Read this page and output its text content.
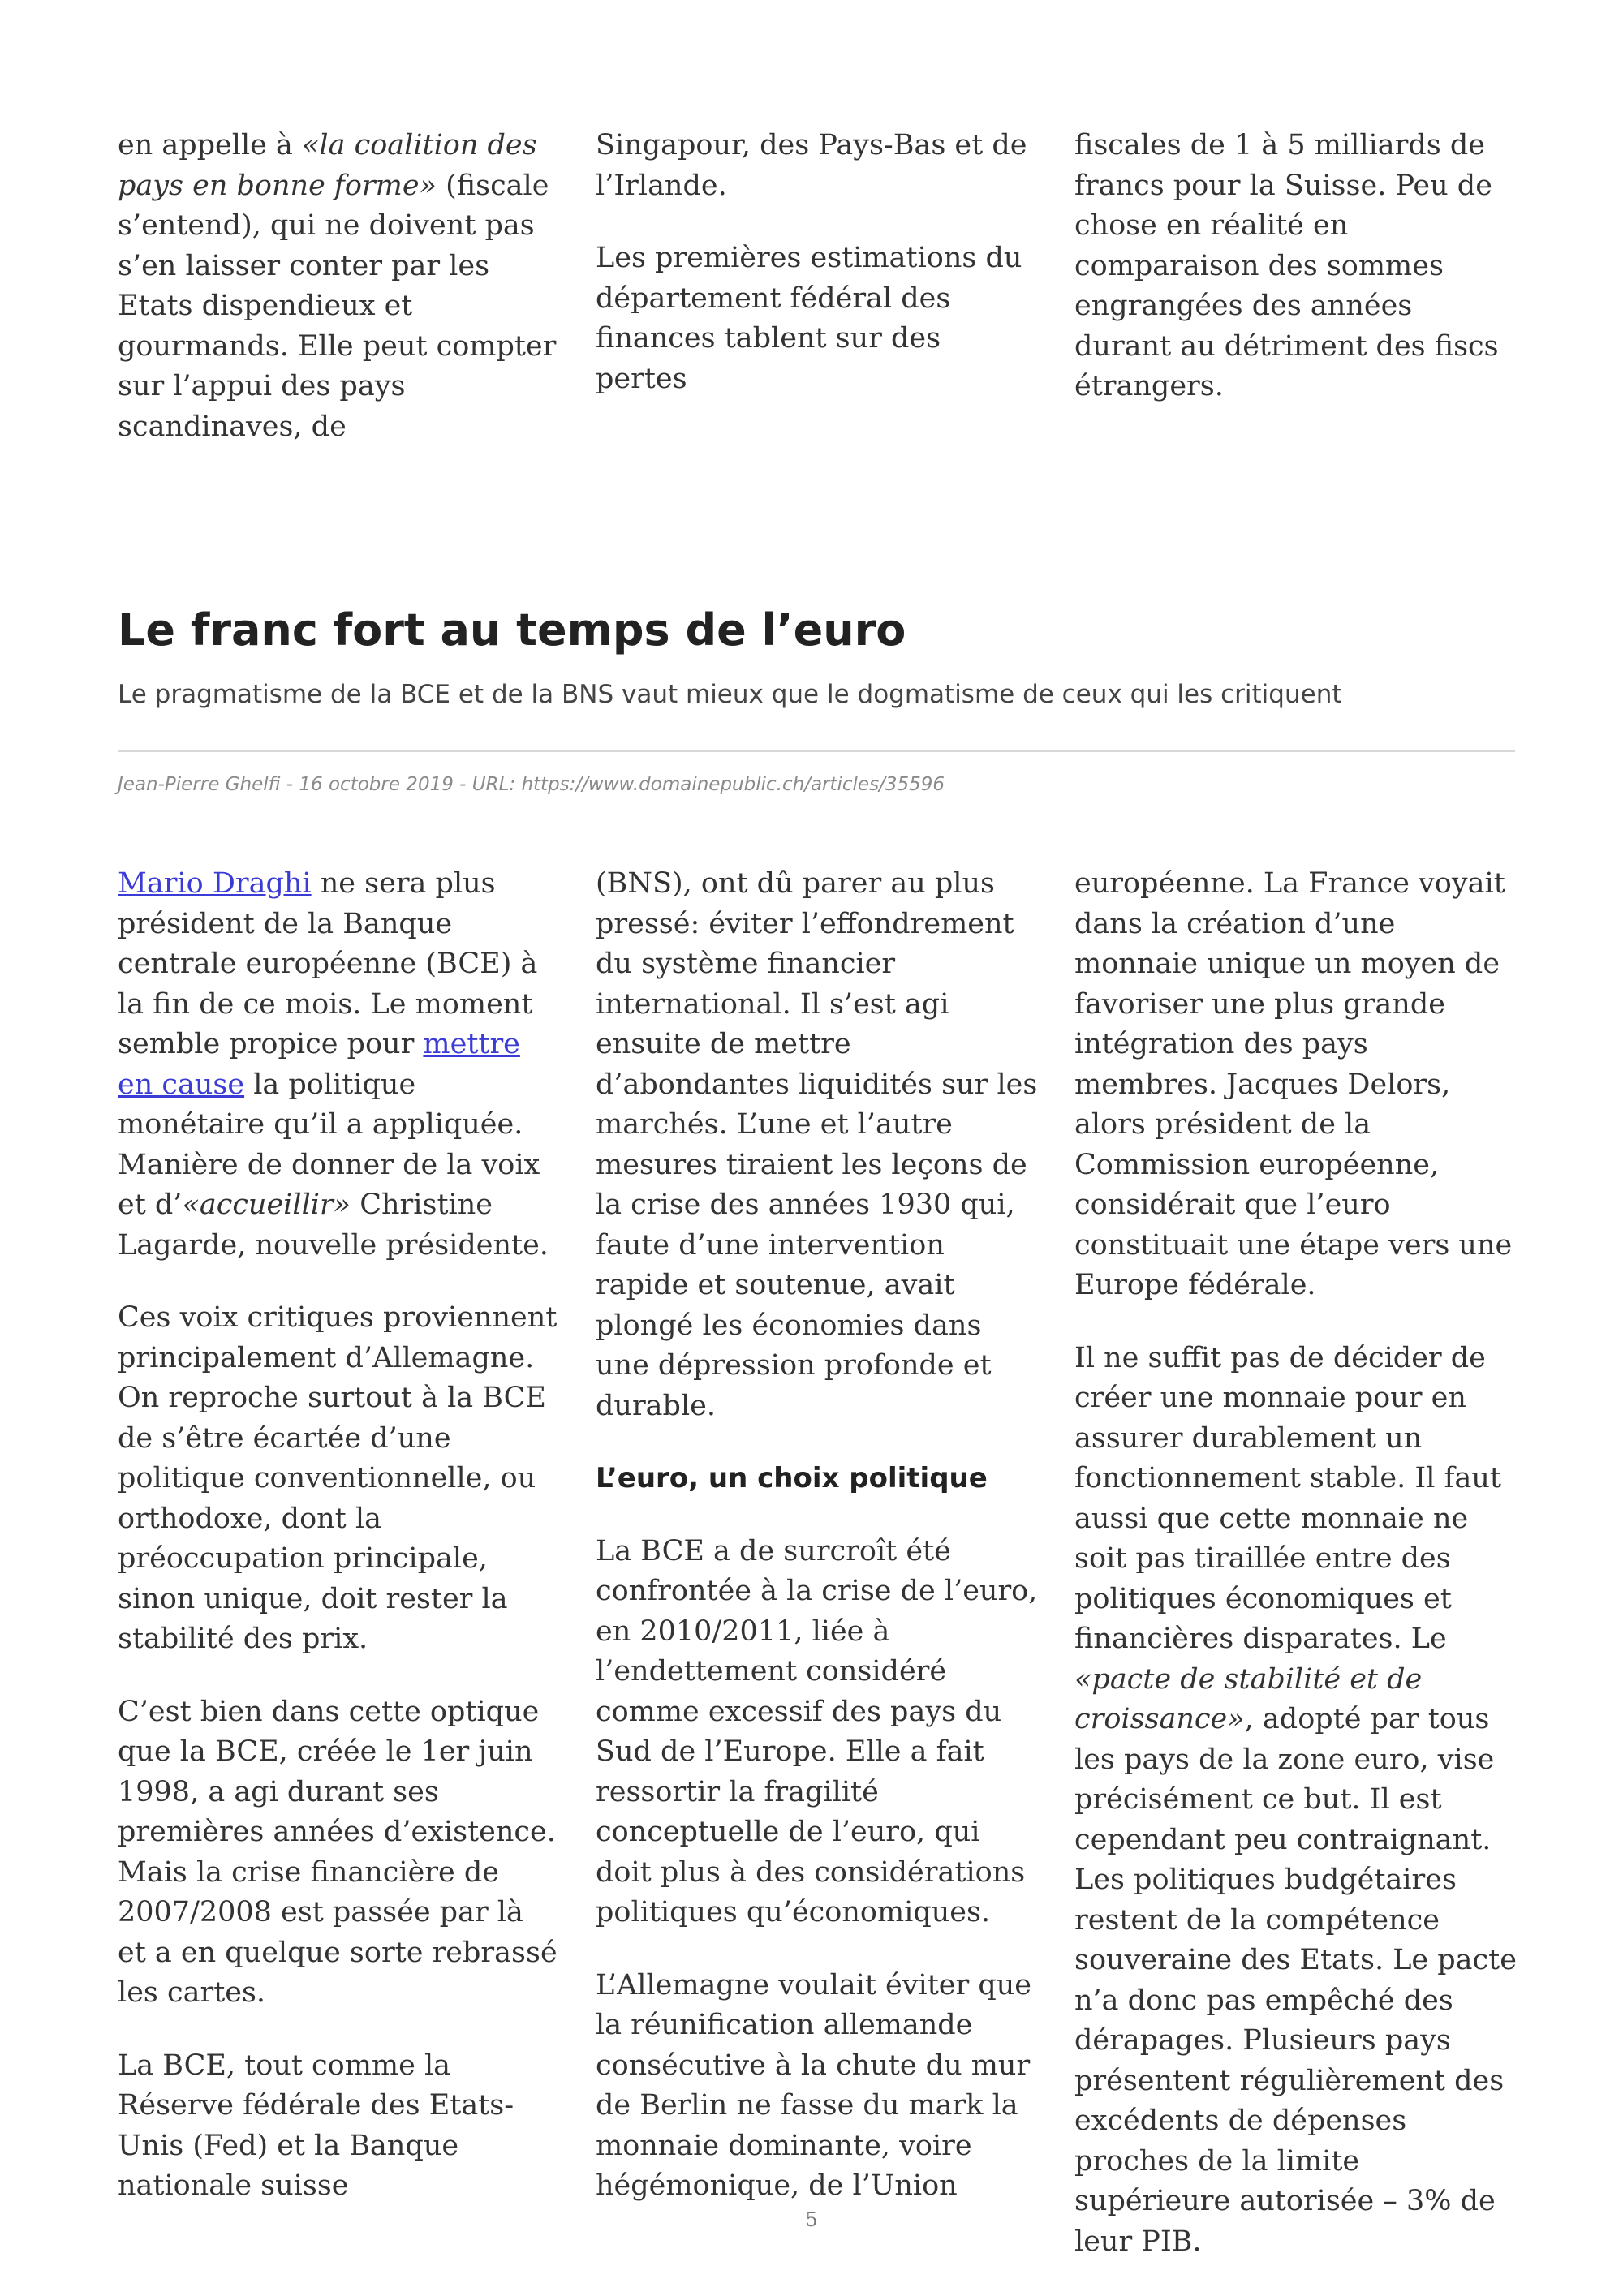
en appelle à «la coalition des pays en bonne forme» (fiscale s’entend), qui ne doivent pas s’en laisser conter par les Etats dispendieux et gourmands. Elle peut compter sur l’appui des pays scandinaves, de

Singapour, des Pays-Bas et de l’Irlande.

Les premières estimations du département fédéral des finances tablent sur des pertes

fiscales de 1 à 5 milliards de francs pour la Suisse. Peu de chose en réalité en comparaison des sommes engrangées des années durant au détriment des fiscs étrangers.

Le franc fort au temps de l’euro

Le pragmatisme de la BCE et de la BNS vaut mieux que le dogmatisme de ceux qui les critiquent

Jean-Pierre Ghelfi - 16 octobre 2019 - URL: https://www.domainepublic.ch/articles/35596

Mario Draghi ne sera plus président de la Banque centrale européenne (BCE) à la fin de ce mois. Le moment semble propice pour mettre en cause la politique monétaire qu’il a appliquée. Manière de donner de la voix et d’«accueillir» Christine Lagarde, nouvelle présidente.

Ces voix critiques proviennent principalement d’Allemagne. On reproche surtout à la BCE de s’être écartée d’une politique conventionnelle, ou orthodoxe, dont la préoccupation principale, sinon unique, doit rester la stabilité des prix.

C’est bien dans cette optique que la BCE, créée le 1er juin 1998, a agi durant ses premières années d’existence. Mais la crise financière de 2007/2008 est passée par là et a en quelque sorte rebrassé les cartes.

La BCE, tout comme la Réserve fédérale des Etats-Unis (Fed) et la Banque nationale suisse

(BNS), ont dû parer au plus pressé: éviter l’effondrement du système financier international. Il s’est agi ensuite de mettre d’abondantes liquidités sur les marchés. L’une et l’autre mesures tiraient les leçons de la crise des années 1930 qui, faute d’une intervention rapide et soutenue, avait plongé les économies dans une dépression profonde et durable.

L’euro, un choix politique

La BCE a de surcroît été confrontée à la crise de l’euro, en 2010/2011, liée à l’endettement considéré comme excessif des pays du Sud de l’Europe. Elle a fait ressortir la fragilité conceptuelle de l’euro, qui doit plus à des considérations politiques qu’économiques.

L’Allemagne voulait éviter que la réunification allemande consécutive à la chute du mur de Berlin ne fasse du mark la monnaie dominante, voire hégémonique, de l’Union

européenne. La France voyait dans la création d’une monnaie unique un moyen de favoriser une plus grande intégration des pays membres. Jacques Delors, alors président de la Commission européenne, considérait que l’euro constituait une étape vers une Europe fédérale.

Il ne suffit pas de décider de créer une monnaie pour en assurer durablement un fonctionnement stable. Il faut aussi que cette monnaie ne soit pas tiraillée entre des politiques économiques et financières disparates. Le «pacte de stabilité et de croissance», adopté par tous les pays de la zone euro, vise précisément ce but. Il est cependant peu contraignant. Les politiques budgétaires restent de la compétence souveraine des Etats. Le pacte n’a donc pas empêché des dérapages. Plusieurs pays présentent régulièrement des excédents de dépenses proches de la limite supérieure autorisée – 3% de leur PIB.

5
